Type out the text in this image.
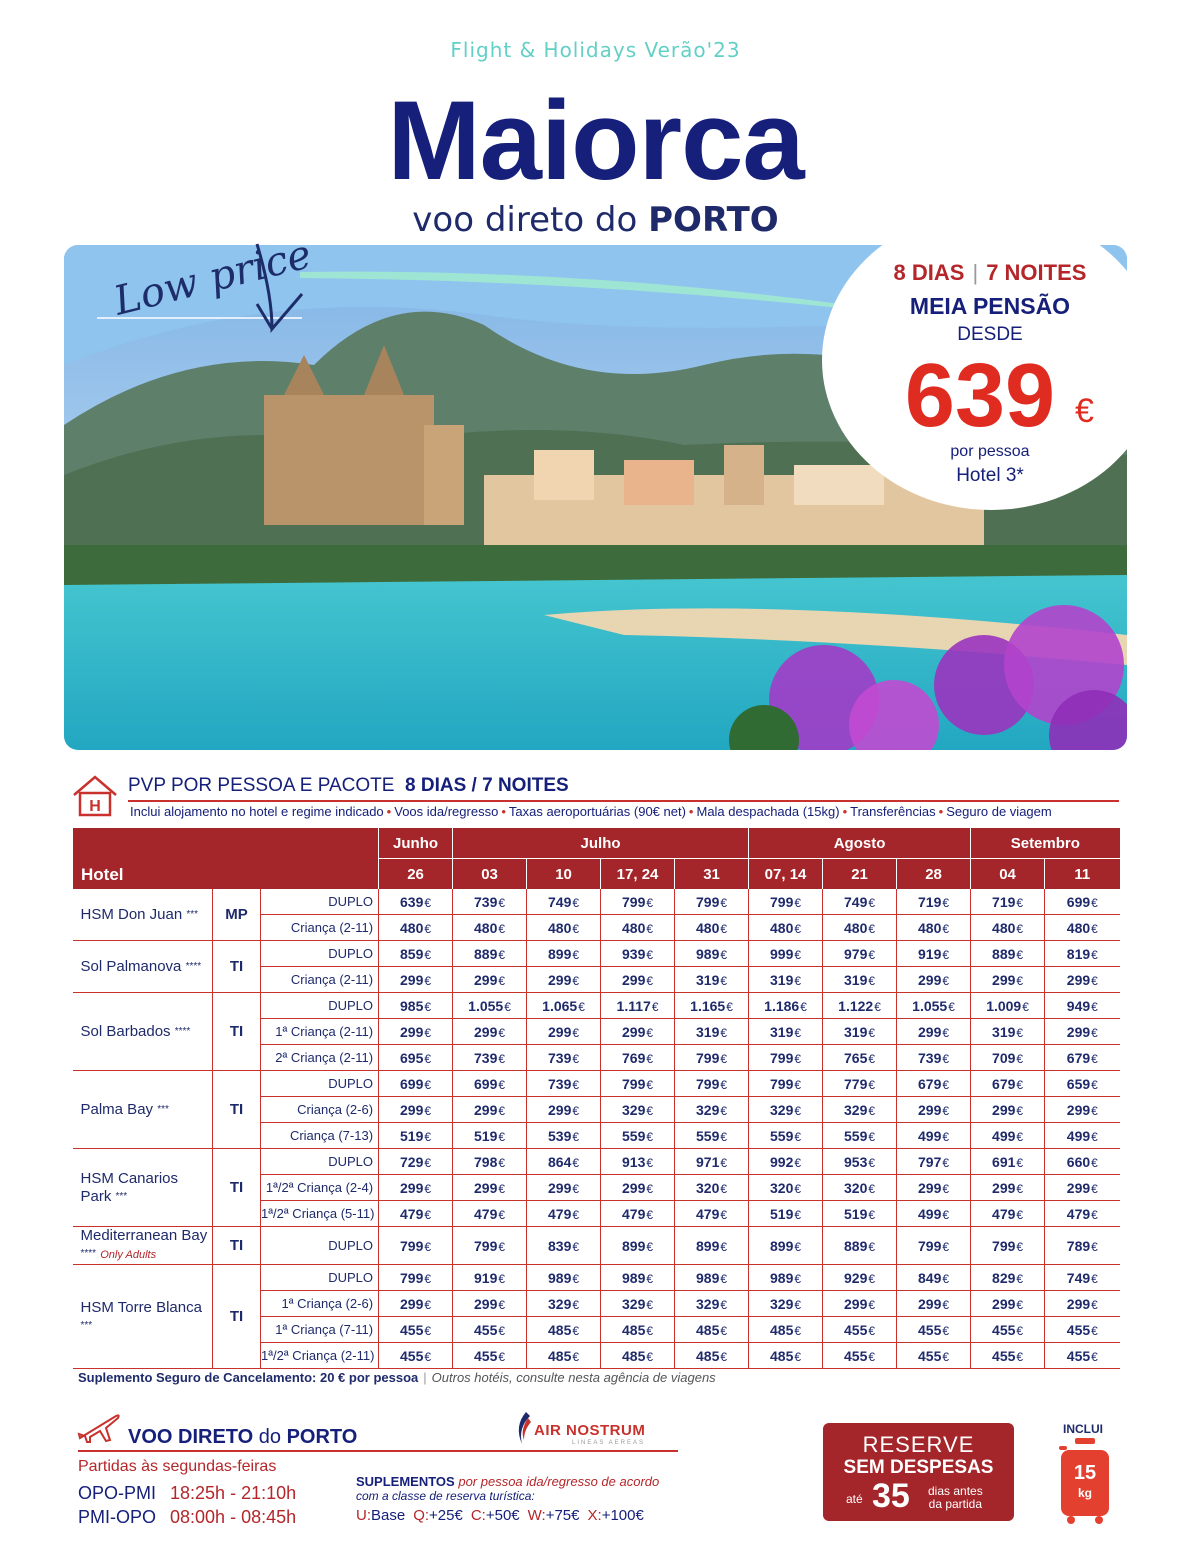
Flight & Holidays Verão'23
Maiorca
voo direto do PORTO
Low price	8 DIAS | 7 NOITES
MEIA PENSÃO
DESDE
639 €
por pessoa
Hotel 3*
H
PVP POR PESSOA E PACOTE 8 DIAS / 7 NOITES
Inclui alojamento no hotel e regime indicado • Voos ida/regresso • Taxas aeroportuárias (90€ net) • Mala despachada (15kg) • Transferências • Seguro de viagem
Hotel			Junho	Julho				Agosto			Setembro	
			26	03	10	17, 24	31	07, 14	21	28	04	11
HSM Don Juan ***	MP	DUPLO	639€	739€	749€	799€	799€	799€	749€	719€	719€	699€
		Criança (2-11)	480€	480€	480€	480€	480€	480€	480€	480€	480€	480€
Sol Palmanova ****	TI	DUPLO	859€	889€	899€	939€	989€	999€	979€	919€	889€	819€
		Criança (2-11)	299€	299€	299€	299€	319€	319€	319€	299€	299€	299€
Sol Barbados ****	TI	DUPLO	985€	1.055€	1.065€	1.117€	1.165€	1.186€	1.122€	1.055€	1.009€	949€
		1ª Criança (2-11)	299€	299€	299€	299€	319€	319€	319€	299€	319€	299€
		2ª Criança (2-11)	695€	739€	739€	769€	799€	799€	765€	739€	709€	679€
Palma Bay ***	TI	DUPLO	699€	699€	739€	799€	799€	799€	779€	679€	679€	659€
		Criança (2-6)	299€	299€	299€	329€	329€	329€	329€	299€	299€	299€
		Criança (7-13)	519€	519€	539€	559€	559€	559€	559€	499€	499€	499€
HSM Canarios Park ***	TI	DUPLO	729€	798€	864€	913€	971€	992€	953€	797€	691€	660€
		1ª/2ª Criança (2-4)	299€	299€	299€	299€	320€	320€	320€	299€	299€	299€
		1ª/2ª Criança (5-11)	479€	479€	479€	479€	479€	519€	519€	499€	479€	479€
Mediterranean Bay **** Only Adults	TI	DUPLO	799€	799€	839€	899€	899€	899€	889€	799€	799€	789€
HSM Torre Blanca ***	TI	DUPLO	799€	919€	989€	989€	989€	989€	929€	849€	829€	749€
		1ª Criança (2-6)	299€	299€	329€	329€	329€	329€	299€	299€	299€	299€
		1ª Criança (7-11)	455€	455€	485€	485€	485€	485€	455€	455€	455€	455€
		1ª/2ª Criança (2-11)	455€	455€	485€	485€	485€	485€	455€	455€	455€	455€
Suplemento Seguro de Cancelamento: 20 € por pessoa | Outros hotéis, consulte nesta agência de viagens
VOO DIRETO do PORTO	AIR NOSTRUM
LINEAS AEREAS
Partidas às segundas-feiras
OPO-PMI 18:25h - 21:10h
PMI-OPO 08:00h - 08:45h
SUPLEMENTOS por pessoa ida/regresso de acordo
com a classe de reserva turística:
U:Base Q:+25€ C:+50€ W:+75€ X:+100€
RESERVE
SEM DESPESAS
até 35 dias antes
da partida
INCLUI
15
kg
